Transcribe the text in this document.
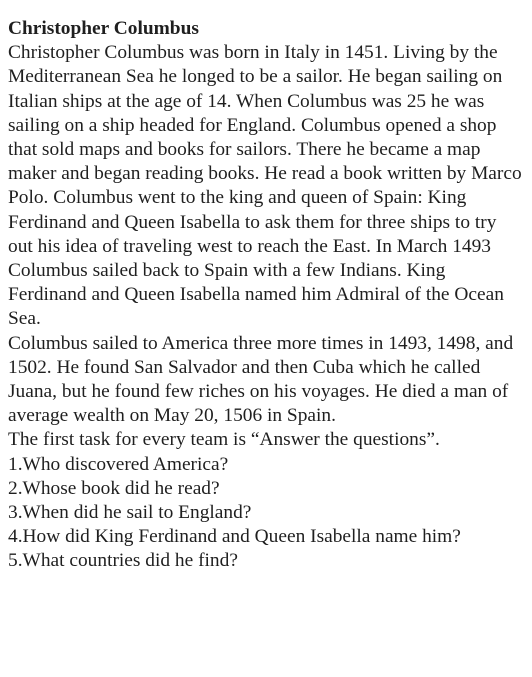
Christopher Columbus

Christopher Columbus was born in Italy in 1451. Living by the Mediterranean Sea he longed to be a sailor. He began sailing on Italian ships at the age of 14. When Columbus was 25 he was sailing on a ship headed for England. Columbus opened a shop that sold maps and books for sailors. There he became a map maker and began reading books. He read a book written by Marco Polo. Columbus went to the king and queen of Spain: King Ferdinand and Queen Isabella to ask them for three ships to try out his idea of traveling west to reach the East. In March 1493 Columbus sailed back to Spain with a few Indians. King Ferdinand and Queen Isabella named him Admiral of the Ocean Sea.

Columbus sailed to America three more times in 1493, 1498, and 1502. He found San Salvador and then Cuba which he called Juana, but he found few riches on his voyages. He died a man of average wealth on May 20, 1506 in Spain.

The first task for every team is “Answer the questions”.

1.Who discovered America?
2.Whose book did he read?
3.When did he sail to England?
4.How did King Ferdinand and Queen Isabella name him?
5.What countries did he find?
